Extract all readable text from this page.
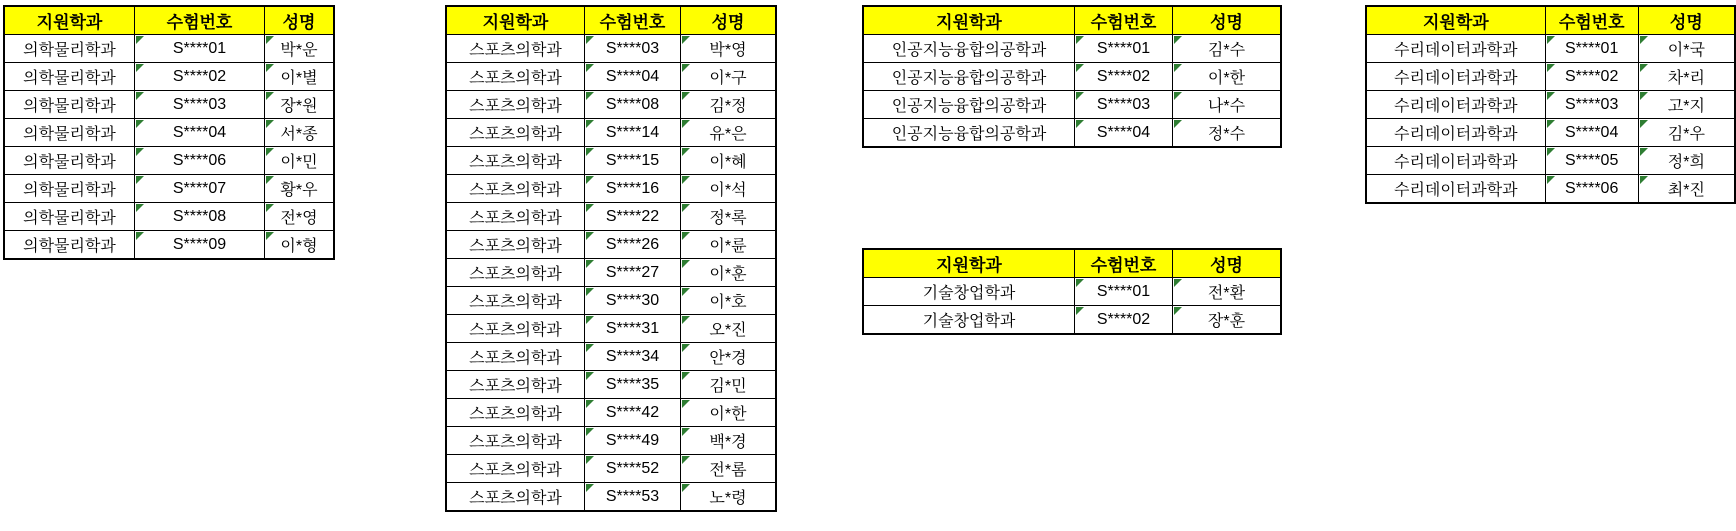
지원학과	수험번호	성명
의학물리학과	S****01	박*운
의학물리학과	S****02	이*별
의학물리학과	S****03	장*원
의학물리학과	S****04	서*종
의학물리학과	S****06	이*민
의학물리학과	S****07	황*우
의학물리학과	S****08	전*영
의학물리학과	S****09	이*형
지원학과	수험번호	성명
스포츠의학과	S****03	박*영
스포츠의학과	S****04	이*구
스포츠의학과	S****08	김*정
스포츠의학과	S****14	유*은
스포츠의학과	S****15	이*혜
스포츠의학과	S****16	이*석
스포츠의학과	S****22	정*록
스포츠의학과	S****26	이*륜
스포츠의학과	S****27	이*훈
스포츠의학과	S****30	이*호
스포츠의학과	S****31	오*진
스포츠의학과	S****34	안*경
스포츠의학과	S****35	김*민
스포츠의학과	S****42	이*한
스포츠의학과	S****49	백*경
스포츠의학과	S****52	전*롬
스포츠의학과	S****53	노*령
지원학과	수험번호	성명
인공지능융합의공학과	S****01	김*수
인공지능융합의공학과	S****02	이*한
인공지능융합의공학과	S****03	나*수
인공지능융합의공학과	S****04	정*수
지원학과	수험번호	성명
기술창업학과	S****01	전*환
기술창업학과	S****02	장*훈
지원학과	수험번호	성명
수리데이터과학과	S****01	이*국
수리데이터과학과	S****02	차*리
수리데이터과학과	S****03	고*지
수리데이터과학과	S****04	김*우
수리데이터과학과	S****05	정*희
수리데이터과학과	S****06	최*진
